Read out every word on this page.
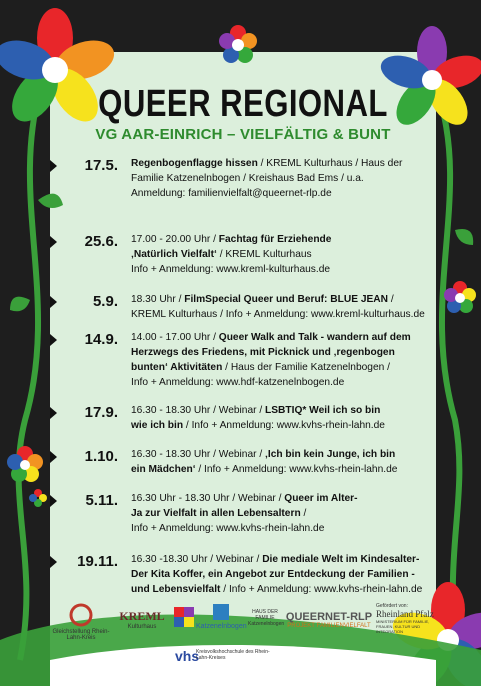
QUEER REGIONAL
VG AAR-EINRICH – VIELFÄLTIG & BUNT
17.5. Regenbogenflagge hissen / KREML Kulturhaus / Haus der
Familie Katzenelnbogen / Kreishaus Bad Ems / u.a.
Anmeldung: familienvielfalt@queernet-rlp.de
25.6. 17.00 - 20.00 Uhr / Fachtag für Erziehende
‚Natürlich Vielfalt‘ / KREML Kulturhaus
Info + Anmeldung: www.kreml-kulturhaus.de
5.9. 18.30 Uhr / FilmSpecial Queer und Beruf: BLUE JEAN /
KREML Kulturhaus / Info + Anmeldung: www.kreml-kulturhaus.de
14.9. 14.00 - 17.00 Uhr / Queer Walk and Talk - wandern auf dem
Herzwegs des Friedens, mit Picknick und ‚regenbogen
bunten‘ Aktivitäten / Haus der Familie Katzenelnbogen /
Info + Anmeldung: www.hdf-katzenelnbogen.de
17.9. 16.30 - 18.30 Uhr / Webinar / LSBTIQ* Weil ich so bin
wie ich bin / Info + Anmeldung: www.kvhs-rhein-lahn.de
1.10. 16.30 - 18.30 Uhr / Webinar / ‚Ich bin kein Junge, ich bin
ein Mädchen‘ / Info + Anmeldung: www.kvhs-rhein-lahn.de
5.11. 16.30 Uhr - 18.30 Uhr / Webinar / Queer im Alter-
Ja zur Vielfalt in allen Lebensaltern /
Info + Anmeldung: www.kvhs-rhein-lahn.de
19.11. 16.30 -18.30 Uhr / Webinar / Die mediale Welt im Kindesalter-
Der Kita Koffer, ein Angebot zur Entdeckung der Familien -
und Lebensvielfalt / Info + Anmeldung: www.kvhs-rhein-lahn.de
Gleichstellung Rhein-Lahn-Kreis
KREML
Kulturhaus	Katzenelnbogen
HAUS DER FAMILIE Katzenelnbogen
QUEERNET-RLP
PROJEKT FAMILIENVIELFALT
Gefördert von:
Rheinland Pfalz
MINISTERIUM FÜR FAMILIE, FRAUEN, KULTUR UND INTEGRATION
vhs
Kreisvolkshochschule des Rhein-Lahn-Kreises
